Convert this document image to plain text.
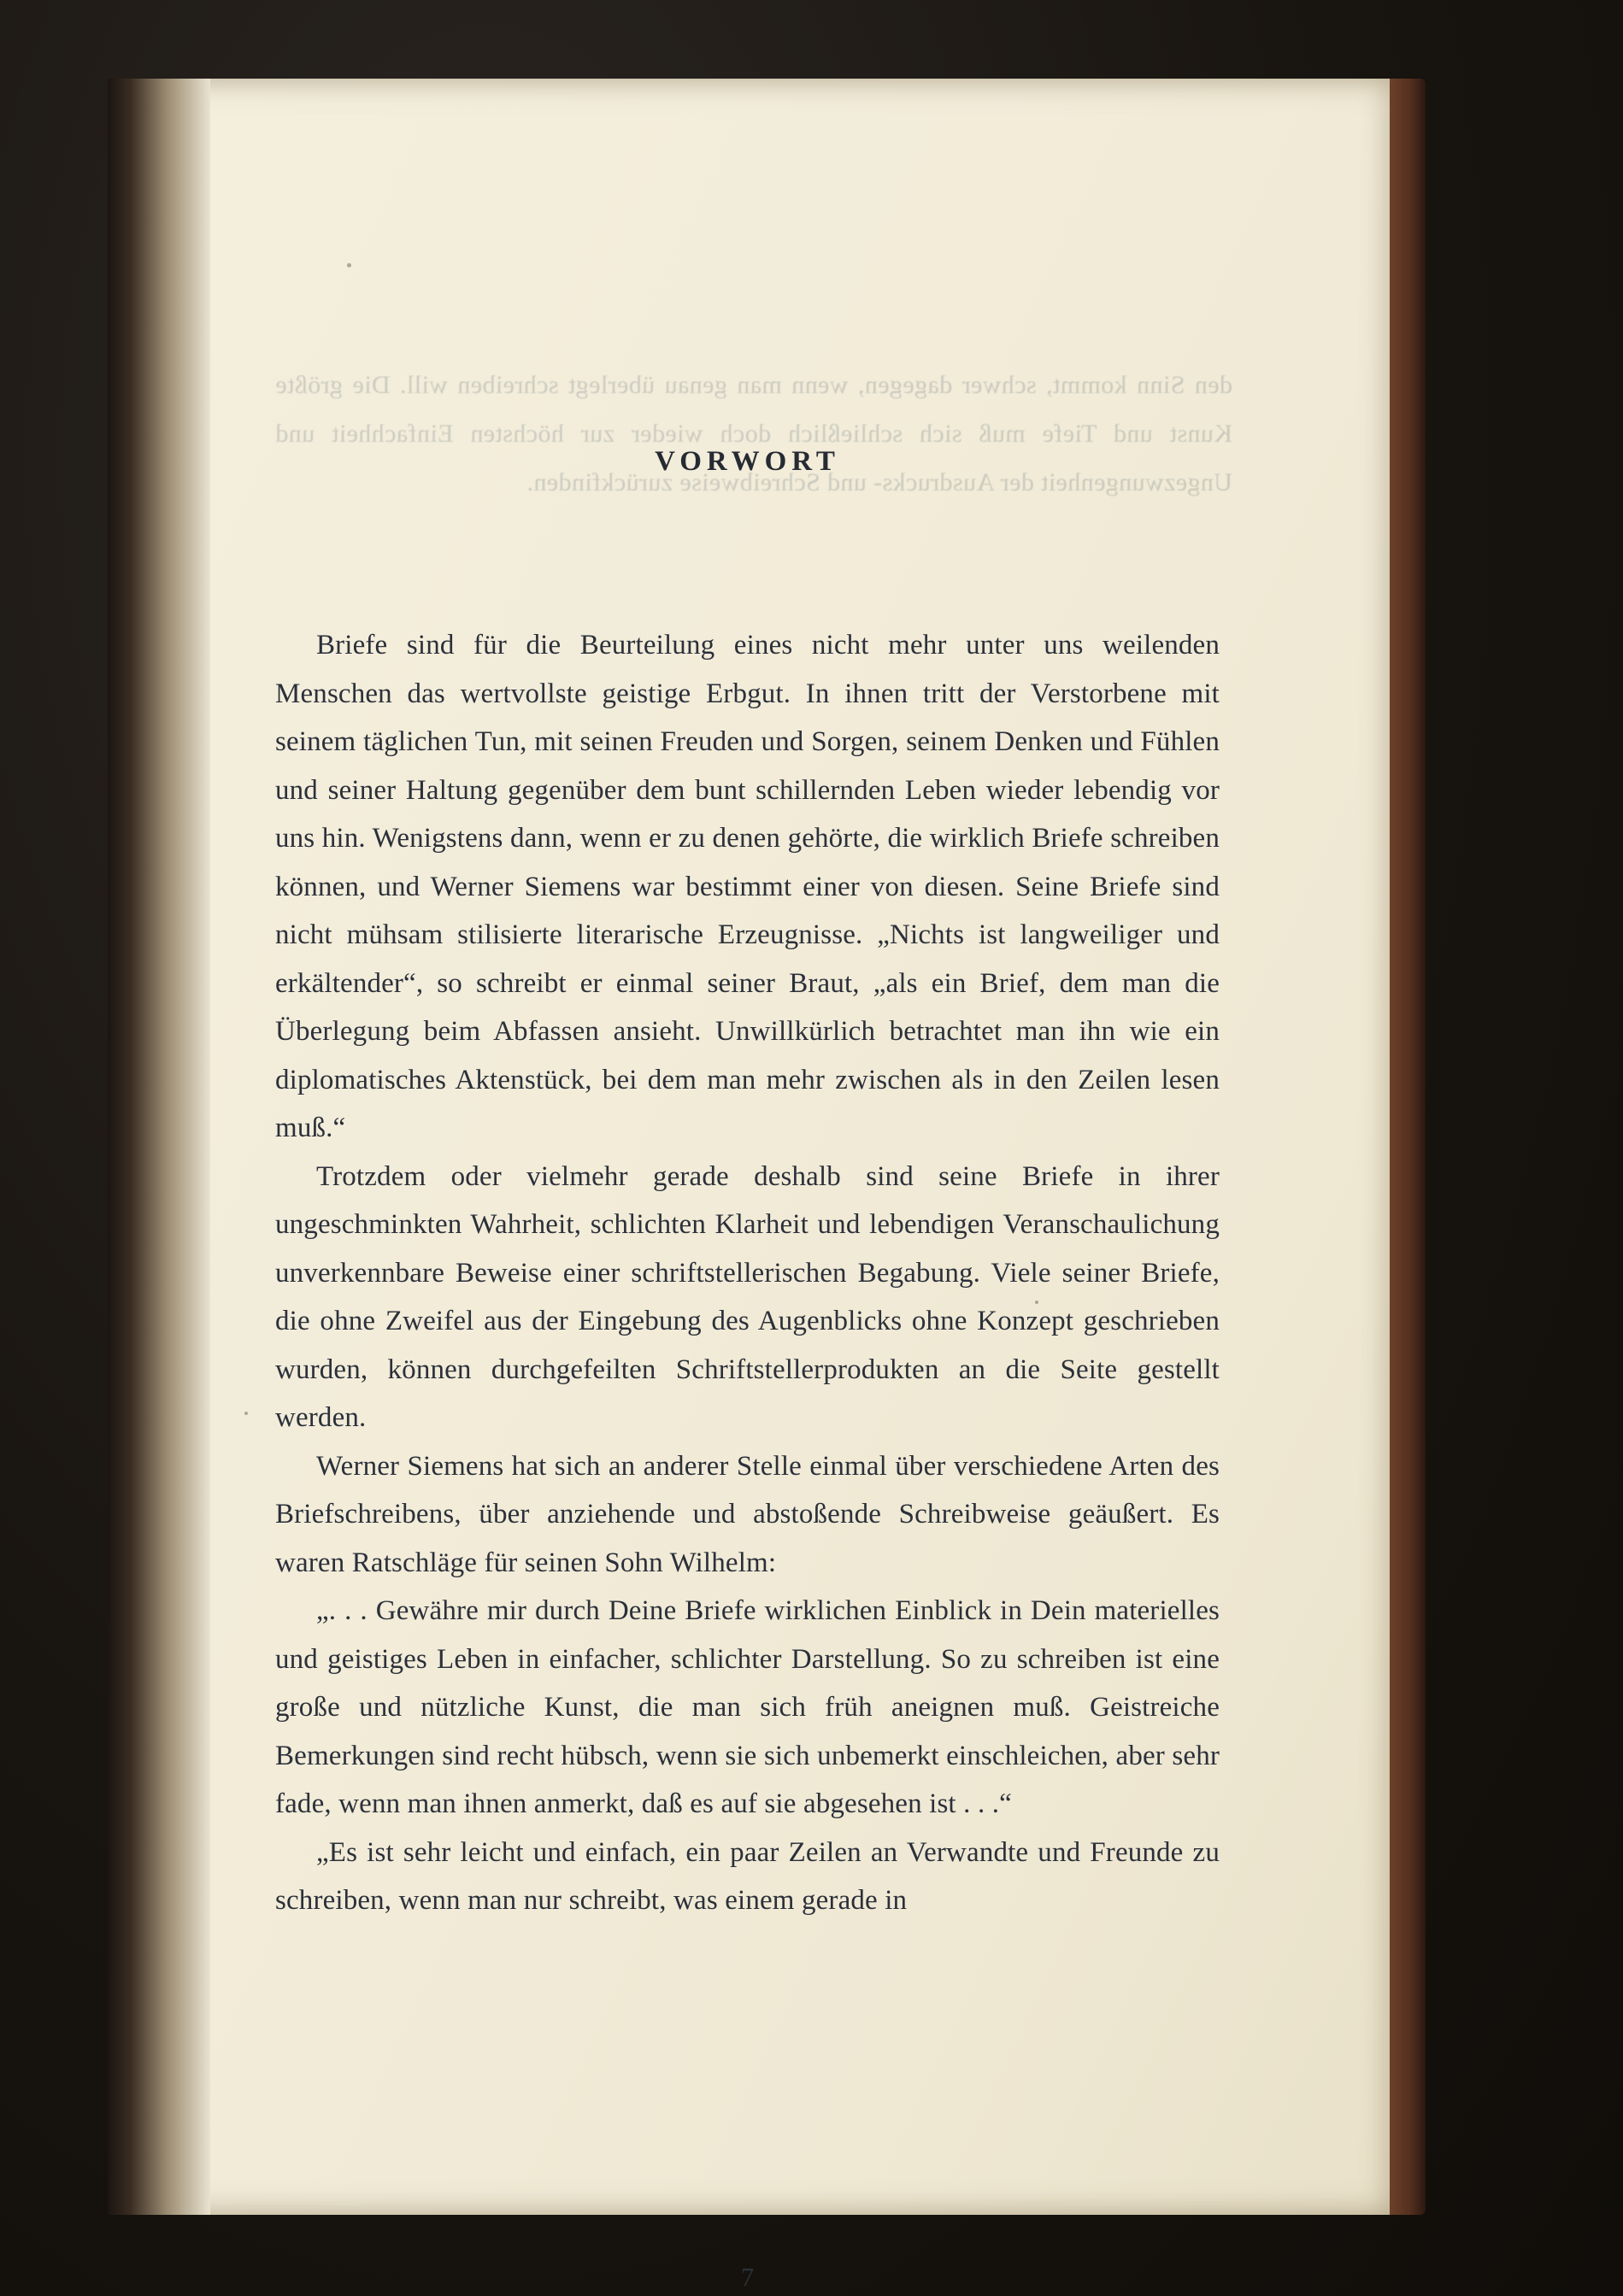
den Sinn kommt, schwer dagegen, wenn man genau überlegt schreiben will. Die größte Kunst und Tiefe muß sich schließlich doch wieder zur höchsten Einfachheit und Ungezwungenheit der Ausdrucks- und Schreibweise zurückfinden.
VORWORT

Briefe sind für die Beurteilung eines nicht mehr unter uns weilenden Menschen das wertvollste geistige Erbgut. In ihnen tritt der Verstorbene mit seinem täglichen Tun, mit seinen Freuden und Sorgen, seinem Denken und Fühlen und seiner Haltung gegenüber dem bunt schillernden Leben wieder lebendig vor uns hin. Wenigstens dann, wenn er zu denen gehörte, die wirklich Briefe schreiben können, und Werner Siemens war bestimmt einer von diesen. Seine Briefe sind nicht mühsam stilisierte literarische Erzeugnisse. „Nichts ist langweiliger und erkältender“, so schreibt er einmal seiner Braut, „als ein Brief, dem man die Überlegung beim Abfassen ansieht. Unwillkürlich betrachtet man ihn wie ein diplomatisches Aktenstück, bei dem man mehr zwischen als in den Zeilen lesen muß.“

Trotzdem oder vielmehr gerade deshalb sind seine Briefe in ihrer ungeschminkten Wahrheit, schlichten Klarheit und lebendigen Veranschaulichung unverkennbare Beweise einer schriftstellerischen Begabung. Viele seiner Briefe, die ohne Zweifel aus der Eingebung des Augenblicks ohne Konzept geschrieben wurden, können durchgefeilten Schriftstellerprodukten an die Seite gestellt werden.

Werner Siemens hat sich an anderer Stelle einmal über verschiedene Arten des Briefschreibens, über anziehende und abstoßende Schreibweise geäußert. Es waren Ratschläge für seinen Sohn Wilhelm:

„. . . Gewähre mir durch Deine Briefe wirklichen Einblick in Dein materielles und geistiges Leben in einfacher, schlichter Darstellung. So zu schreiben ist eine große und nützliche Kunst, die man sich früh aneignen muß. Geistreiche Bemerkungen sind recht hübsch, wenn sie sich unbemerkt einschleichen, aber sehr fade, wenn man ihnen anmerkt, daß es auf sie abgesehen ist . . .“

„Es ist sehr leicht und einfach, ein paar Zeilen an Verwandte und Freunde zu schreiben, wenn man nur schreibt, was einem gerade in

7
